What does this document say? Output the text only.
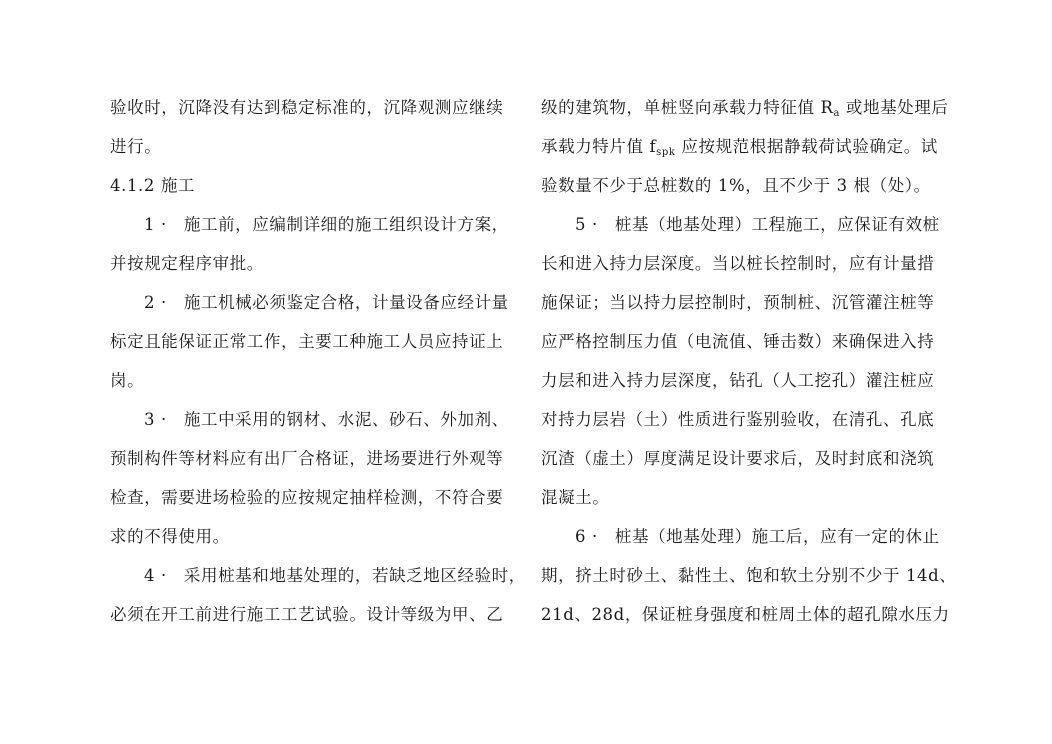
验收时，沉降没有达到稳定标准的，沉降观测应继续
进行。
4.1.2 施工
1 ·　施工前，应编制详细的施工组织设计方案，
并按规定程序审批。
2 ·　施工机械必须鉴定合格，计量设备应经计量
标定且能保证正常工作，主要工种施工人员应持证上
岗。
3 ·　施工中采用的钢材、水泥、砂石、外加剂、
预制构件等材料应有出厂合格证，进场要进行外观等
检查，需要进场检验的应按规定抽样检测，不符合要
求的不得使用。
4 ·　采用桩基和地基处理的，若缺乏地区经验时，
必须在开工前进行施工工艺试验。设计等级为甲、乙
级的建筑物，单桩竖向承载力特征值 $R_a$ 或地基处理后
承载力特片值 $f_{spk}$ 应按规范根据静载荷试验确定。试
验数量不少于总桩数的 1%，且不少于 3 根（处）。
5 ·　桩基（地基处理）工程施工，应保证有效桩
长和进入持力层深度。当以桩长控制时，应有计量措
施保证；当以持力层控制时，预制桩、沉管灌注桩等
应严格控制压力值（电流值、锤击数）来确保进入持
力层和进入持力层深度，钻孔（人工挖孔）灌注桩应
对持力层岩（土）性质进行鉴别验收，在清孔、孔底
沉渣（虚土）厚度满足设计要求后，及时封底和浇筑
混凝土。
6 ·　桩基（地基处理）施工后，应有一定的休止
期，挤土时砂土、黏性土、饱和软土分别不少于 14d、
21d、28d，保证桩身强度和桩周土体的超孔隙水压力
